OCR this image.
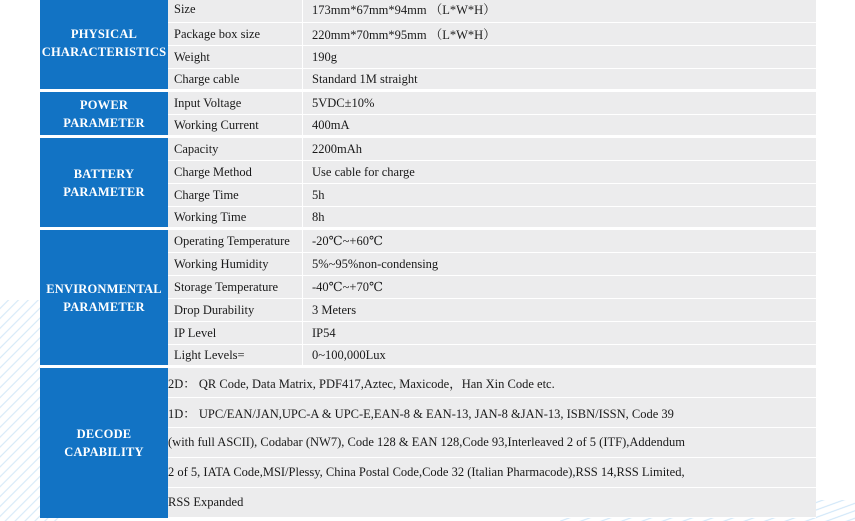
PHYSICAL
CHARACTERISTICS	Size	173mm*67mm*94mm （L*W*H）
	Package box size	220mm*70mm*95mm （L*W*H）
	Weight	190g
	Charge cable	Standard 1M straight

POWER
PARAMETER	Input Voltage	5VDC±10%
	Working Current	400mA

BATTERY
PARAMETER	Capacity	2200mAh
	Charge Method	Use cable for charge
	Charge Time	5h
	Working Time	8h

ENVIRONMENTAL
PARAMETER	Operating Temperature	-20℃~+60℃
	Working Humidity	5%~95%non-condensing
	Storage Temperature	-40℃~+70℃
	Drop Durability	3 Meters
	IP Level	IP54
	Light Levels=	0~100,000Lux

DECODE
CAPABILITY	2D： QR Code, Data Matrix, PDF417,Aztec, Maxicode，Han Xin Code etc.	
	1D： UPC/EAN/JAN,UPC-A & UPC-E,EAN-8 & EAN-13, JAN-8 &JAN-13, ISBN/ISSN, Code 39	
	(with full ASCII), Codabar (NW7), Code 128 & EAN 128,Code 93,Interleaved 2 of 5 (ITF),Addendum	
	2 of 5, IATA Code,MSI/Plessy, China Postal Code,Code 32 (Italian Pharmacode),RSS 14,RSS Limited,	
	RSS Expanded	
